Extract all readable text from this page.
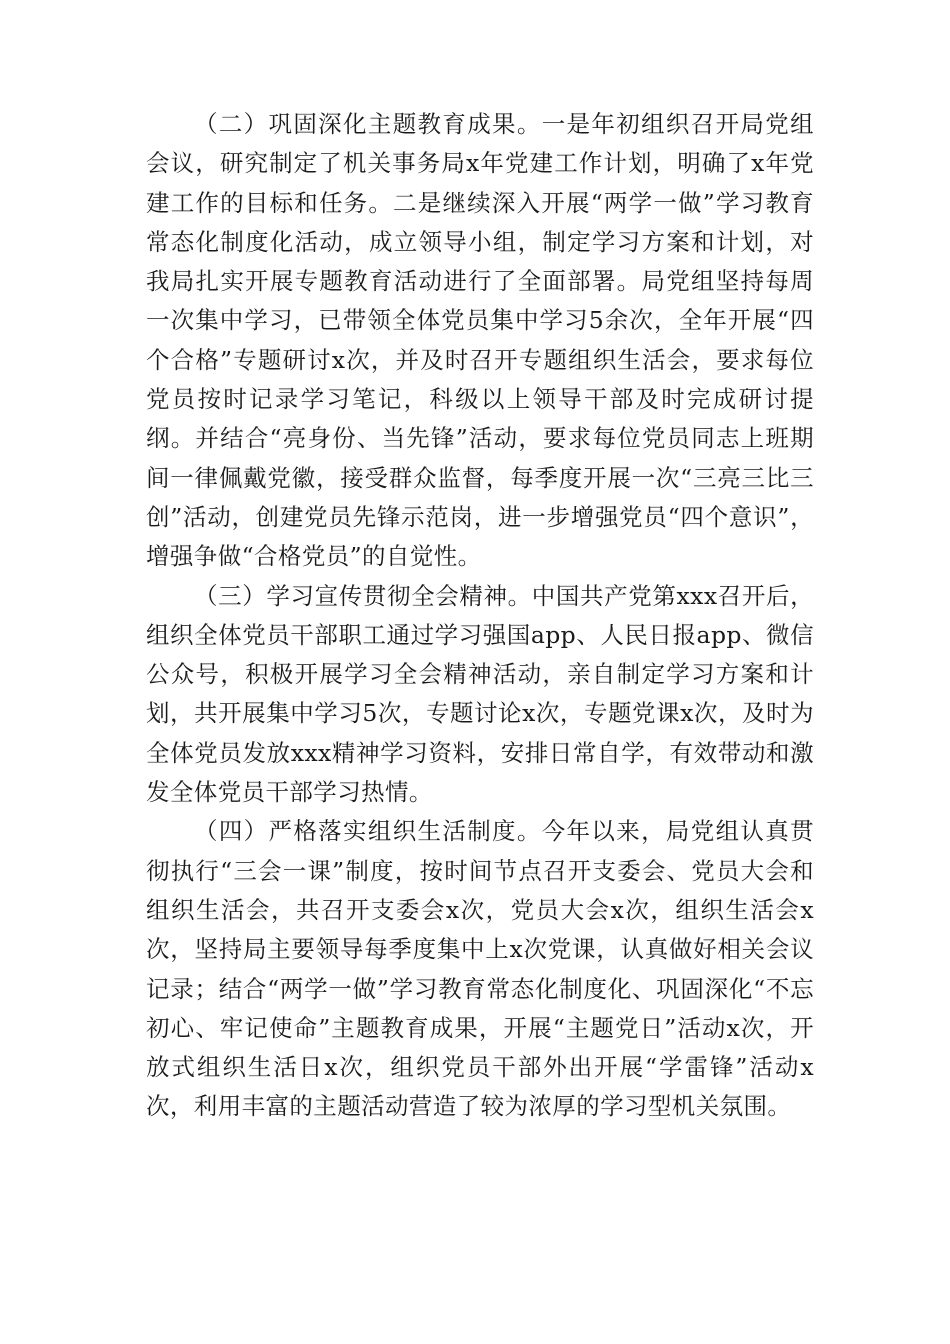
（二）巩固深化主题教育成果。一是年初组织召开局党组会议，研究制定了机关事务局x年党建工作计划，明确了x年党建工作的目标和任务。二是继续深入开展“两学一做”学习教育常态化制度化活动，成立领导小组，制定学习方案和计划，对我局扎实开展专题教育活动进行了全面部署。局党组坚持每周一次集中学习，已带领全体党员集中学习5余次，全年开展“四个合格”专题研讨x次，并及时召开专题组织生活会，要求每位党员按时记录学习笔记，科级以上领导干部及时完成研讨提纲。并结合“亮身份、当先锋”活动，要求每位党员同志上班期间一律佩戴党徽，接受群众监督，每季度开展一次“三亮三比三创”活动，创建党员先锋示范岗，进一步增强党员“四个意识”，增强争做“合格党员”的自觉性。

（三）学习宣传贯彻全会精神。中国共产党第xxx召开后，组织全体党员干部职工通过学习强国app、人民日报app、微信公众号，积极开展学习全会精神活动，亲自制定学习方案和计划，共开展集中学习5次，专题讨论x次，专题党课x次，及时为全体党员发放xxx精神学习资料，安排日常自学，有效带动和激发全体党员干部学习热情。

（四）严格落实组织生活制度。今年以来，局党组认真贯彻执行“三会一课”制度，按时间节点召开支委会、党员大会和组织生活会，共召开支委会x次，党员大会x次，组织生活会x次，坚持局主要领导每季度集中上x次党课，认真做好相关会议记录；结合“两学一做”学习教育常态化制度化、巩固深化“不忘初心、牢记使命”主题教育成果，开展“主题党日”活动x次，开放式组织生活日x次，组织党员干部外出开展“学雷锋”活动x次，利用丰富的主题活动营造了较为浓厚的学习型机关氛围。
